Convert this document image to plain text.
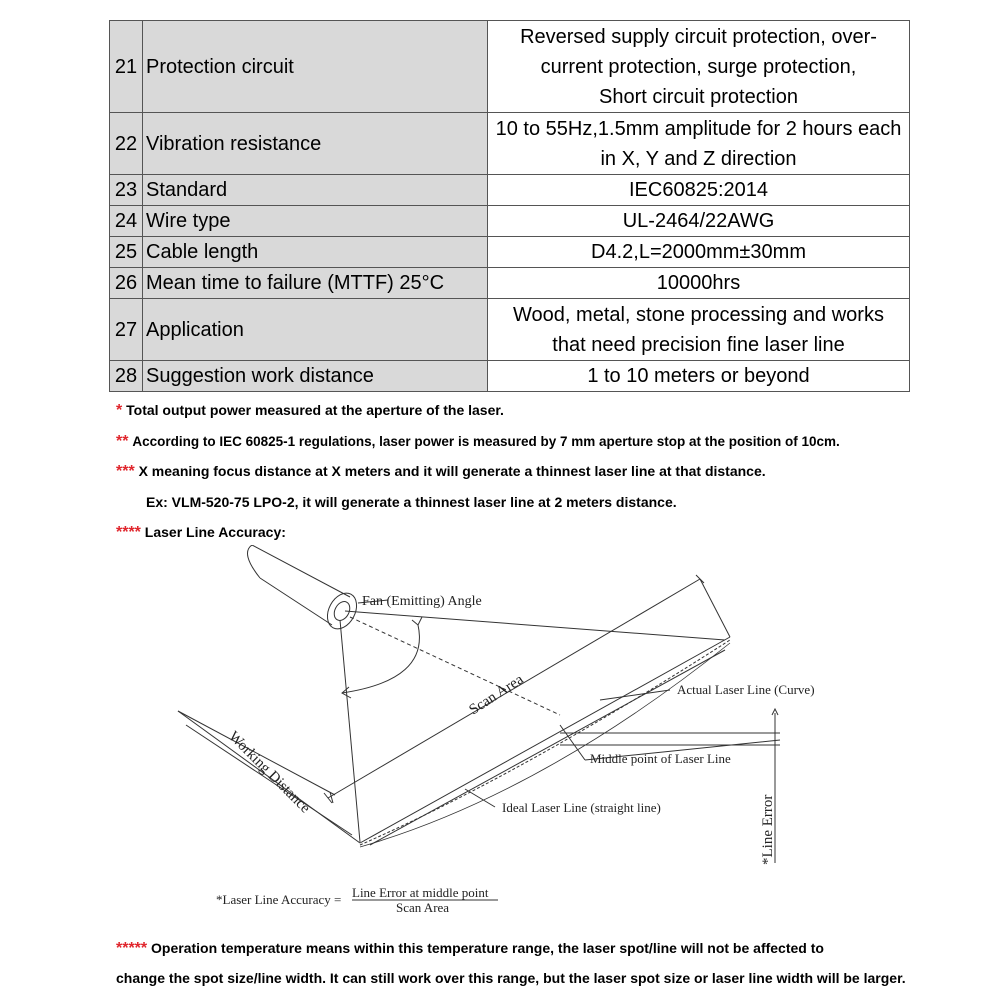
21	Protection circuit	Reversed supply circuit protection, over-
current protection, surge protection,
Short circuit protection

22	Vibration resistance	10 to 55Hz,1.5mm amplitude for 2 hours each
in X, Y and Z direction

23	Standard	IEC60825:2014
24	Wire type	UL-2464/22AWG
25	Cable length	D4.2,L=2000mm±30mm
26	Mean time to failure (MTTF) 25°C	10000hrs
27	Application	Wood, metal, stone processing and works
that need precision fine laser line

28	Suggestion work distance	1 to 10 meters or beyond
* Total output power measured at the aperture of the laser.
** According to IEC 60825-1 regulations, laser power is measured by 7 mm aperture stop at the position of 10cm.
*** X meaning focus distance at X meters and it will generate a thinnest laser line at that distance.
Ex: VLM-520-75 LPO-2, it will generate a thinnest laser line at 2 meters distance.
**** Laser Line Accuracy:
Fan (Emitting) Angle
Scan Area
Working Distance
Actual Laser Line (Curve)
Middle point of Laser Line
Ideal Laser Line (straight line)	*Line Error
*Laser Line Accuracy = Line Error at middle point
Scan Area
***** Operation temperature means within this temperature range, the laser spot/line will not be affected to
change the spot size/line width. It can still work over this range, but the laser spot size or laser line width will be larger.
